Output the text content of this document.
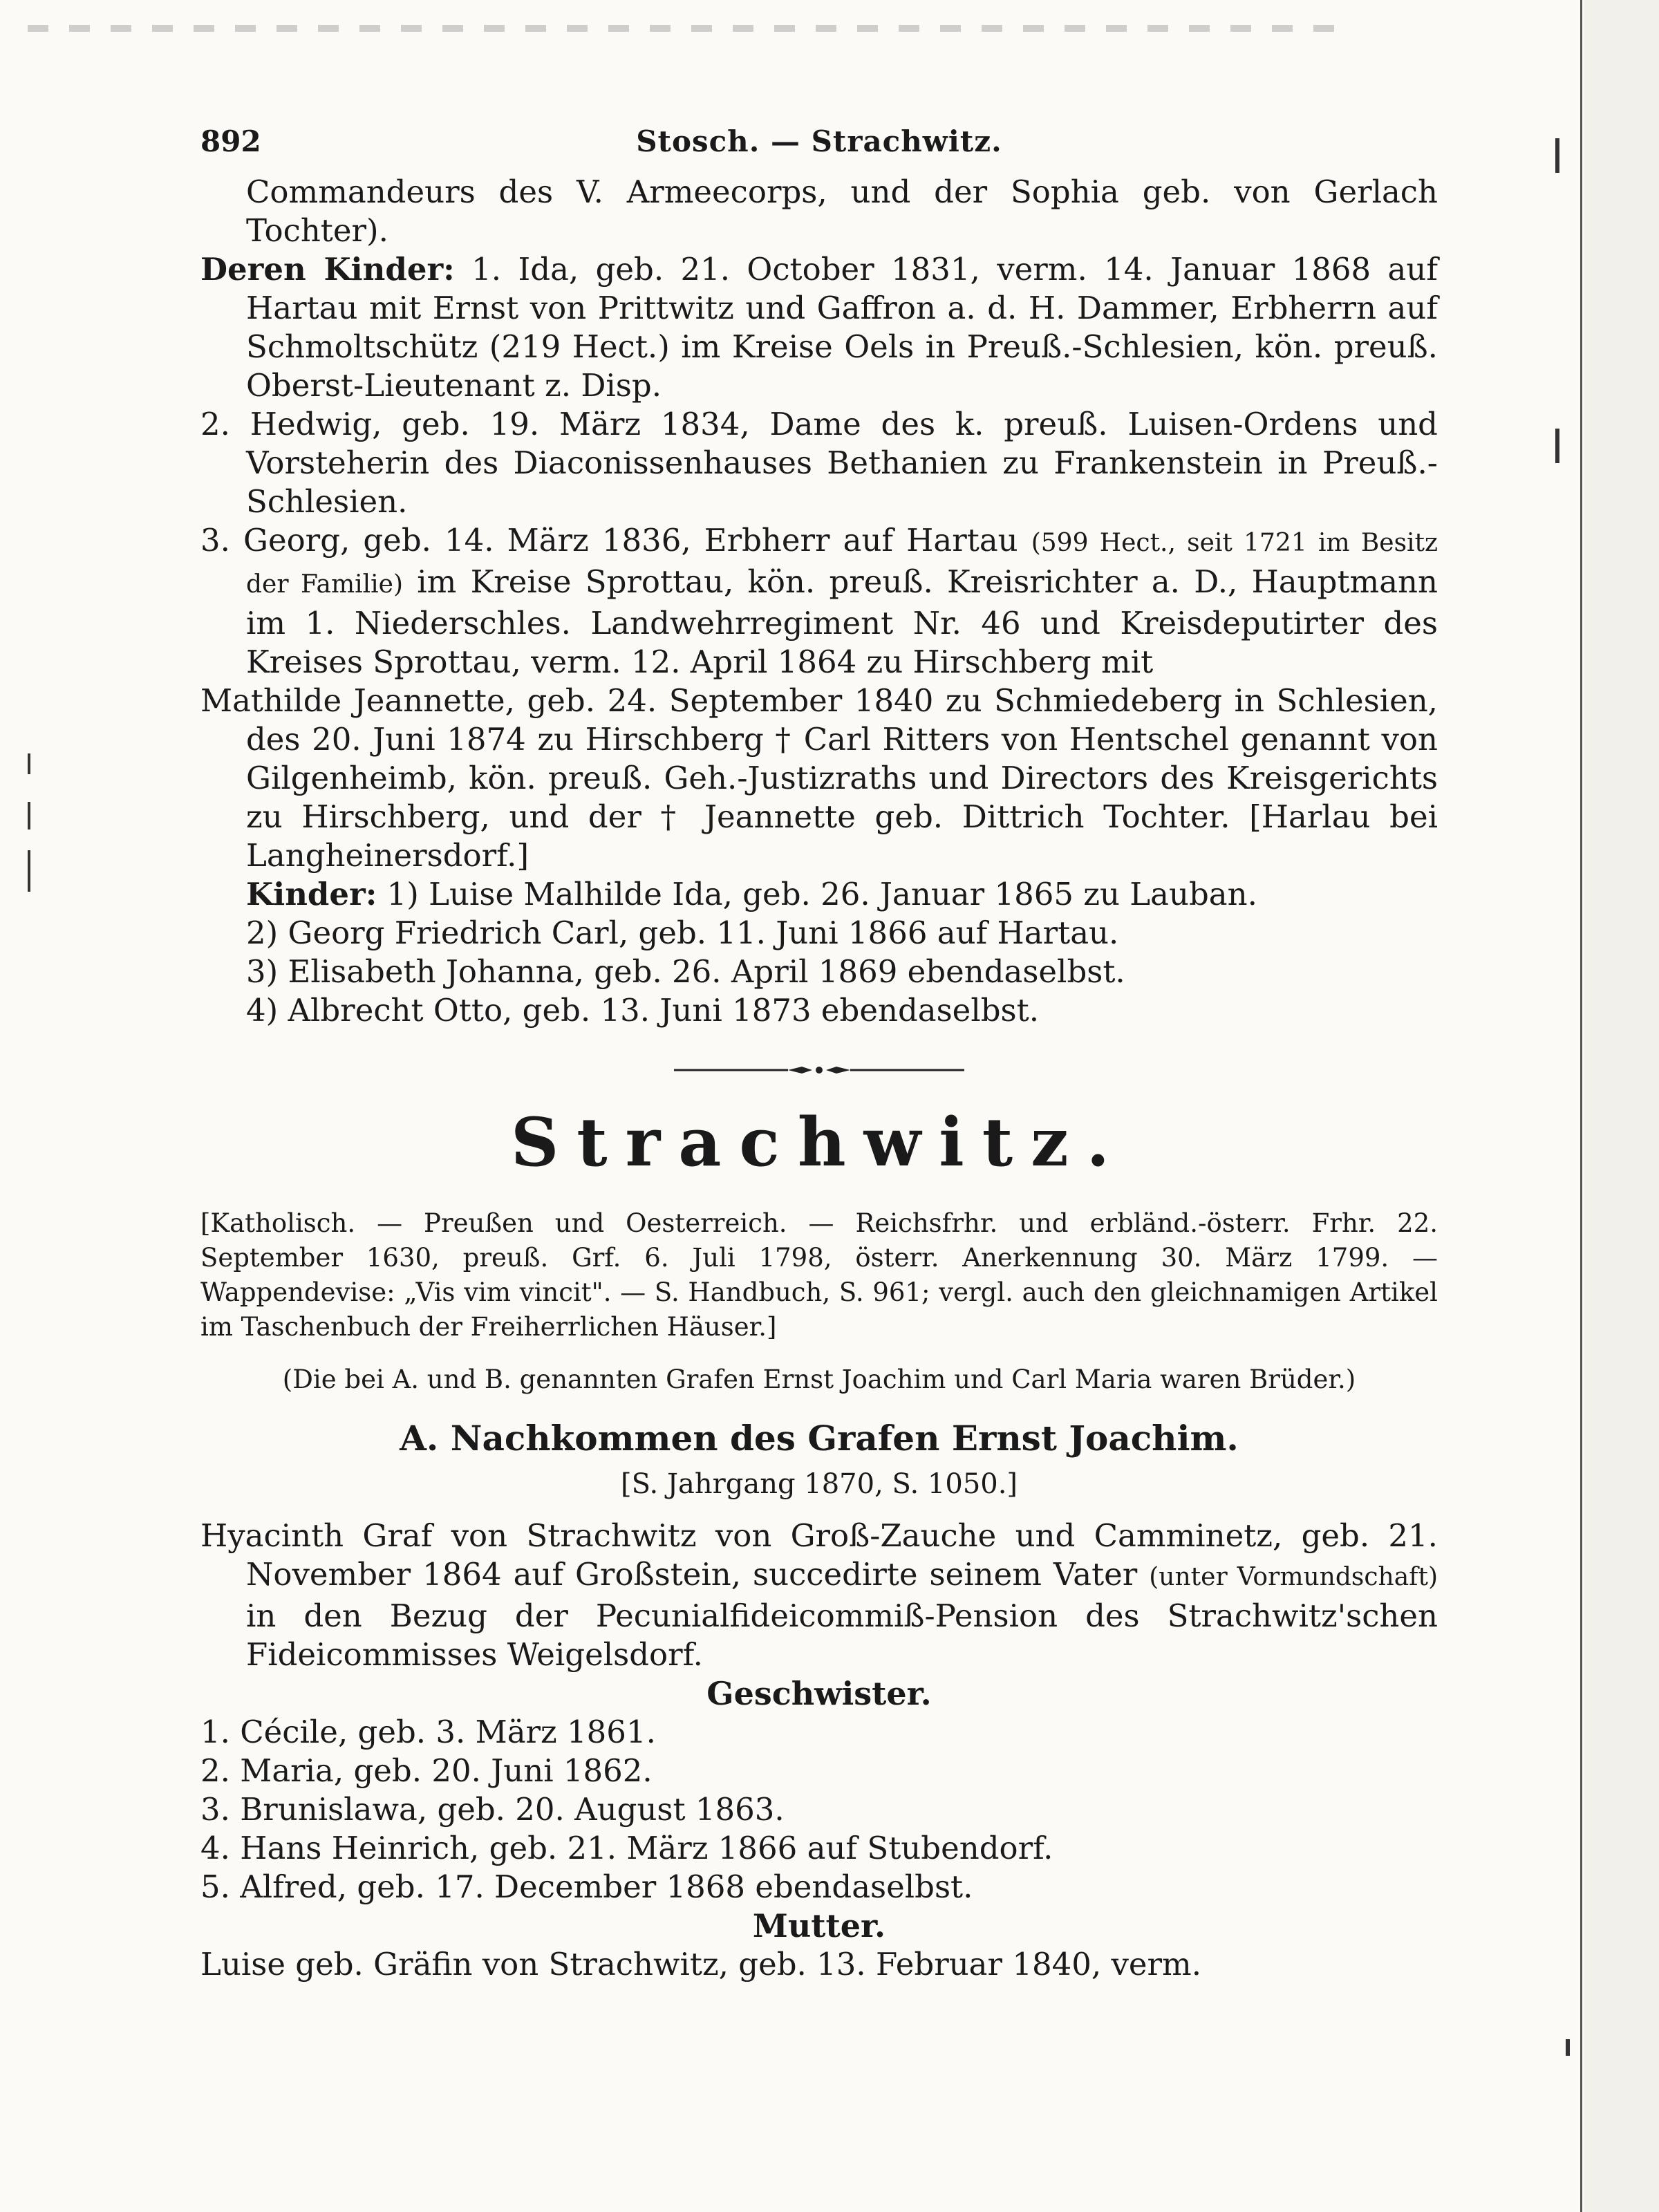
892	Stosch. — Strachwitz.

Commandeurs des V. Armeecorps, und der Sophia geb. von Gerlach Tochter).

Deren Kinder: 1. Ida, geb. 21. October 1831, verm. 14. Januar 1868 auf Hartau mit Ernst von Prittwitz und Gaffron a. d. H. Dammer, Erbherrn auf Schmoltschütz (219 Hect.) im Kreise Oels in Preuß.-Schlesien, kön. preuß. Oberst-Lieutenant z. Disp.

2. Hedwig, geb. 19. März 1834, Dame des k. preuß. Luisen-Ordens und Vorsteherin des Diaconissenhauses Bethanien zu Frankenstein in Preuß.-Schlesien.

3. Georg, geb. 14. März 1836, Erbherr auf Hartau (599 Hect., seit 1721 im Besitz der Familie) im Kreise Sprottau, kön. preuß. Kreisrichter a. D., Hauptmann im 1. Niederschles. Landwehrregiment Nr. 46 und Kreisdeputirter des Kreises Sprottau, verm. 12. April 1864 zu Hirschberg mit

Mathilde Jeannette, geb. 24. September 1840 zu Schmiedeberg in Schlesien, des 20. Juni 1874 zu Hirschberg † Carl Ritters von Hentschel genannt von Gilgenheimb, kön. preuß. Geh.-Justizraths und Directors des Kreisgerichts zu Hirschberg, und der † Jeannette geb. Dittrich Tochter. [Harlau bei Langheinersdorf.]

Kinder: 1) Luise Malhilde Ida, geb. 26. Januar 1865 zu Lauban.

2) Georg Friedrich Carl, geb. 11. Juni 1866 auf Hartau.

3) Elisabeth Johanna, geb. 26. April 1869 ebendaselbst.

4) Albrecht Otto, geb. 13. Juni 1873 ebendaselbst.

Strachwitz.

[Katholisch. — Preußen und Oesterreich. — Reichsfrhr. und erbländ.-österr. Frhr. 22. September 1630, preuß. Grf. 6. Juli 1798, österr. Anerkennung 30. März 1799. — Wappendevise: „Vis vim vincit". — S. Handbuch, S. 961; vergl. auch den gleichnamigen Artikel im Taschenbuch der Freiherrlichen Häuser.]

(Die bei A. und B. genannten Grafen Ernst Joachim und Carl Maria waren Brüder.)

A. Nachkommen des Grafen Ernst Joachim.
[S. Jahrgang 1870, S. 1050.]

Hyacinth Graf von Strachwitz von Groß-Zauche und Camminetz, geb. 21. November 1864 auf Großstein, succedirte seinem Vater (unter Vormundschaft) in den Bezug der Pecunialfideicommiß-Pension des Strachwitz'schen Fideicommisses Weigelsdorf.

Geschwister.

1. Cécile, geb. 3. März 1861.

2. Maria, geb. 20. Juni 1862.

3. Brunislawa, geb. 20. August 1863.

4. Hans Heinrich, geb. 21. März 1866 auf Stubendorf.

5. Alfred, geb. 17. December 1868 ebendaselbst.

Mutter.

Luise geb. Gräfin von Strachwitz, geb. 13. Februar 1840, verm.
